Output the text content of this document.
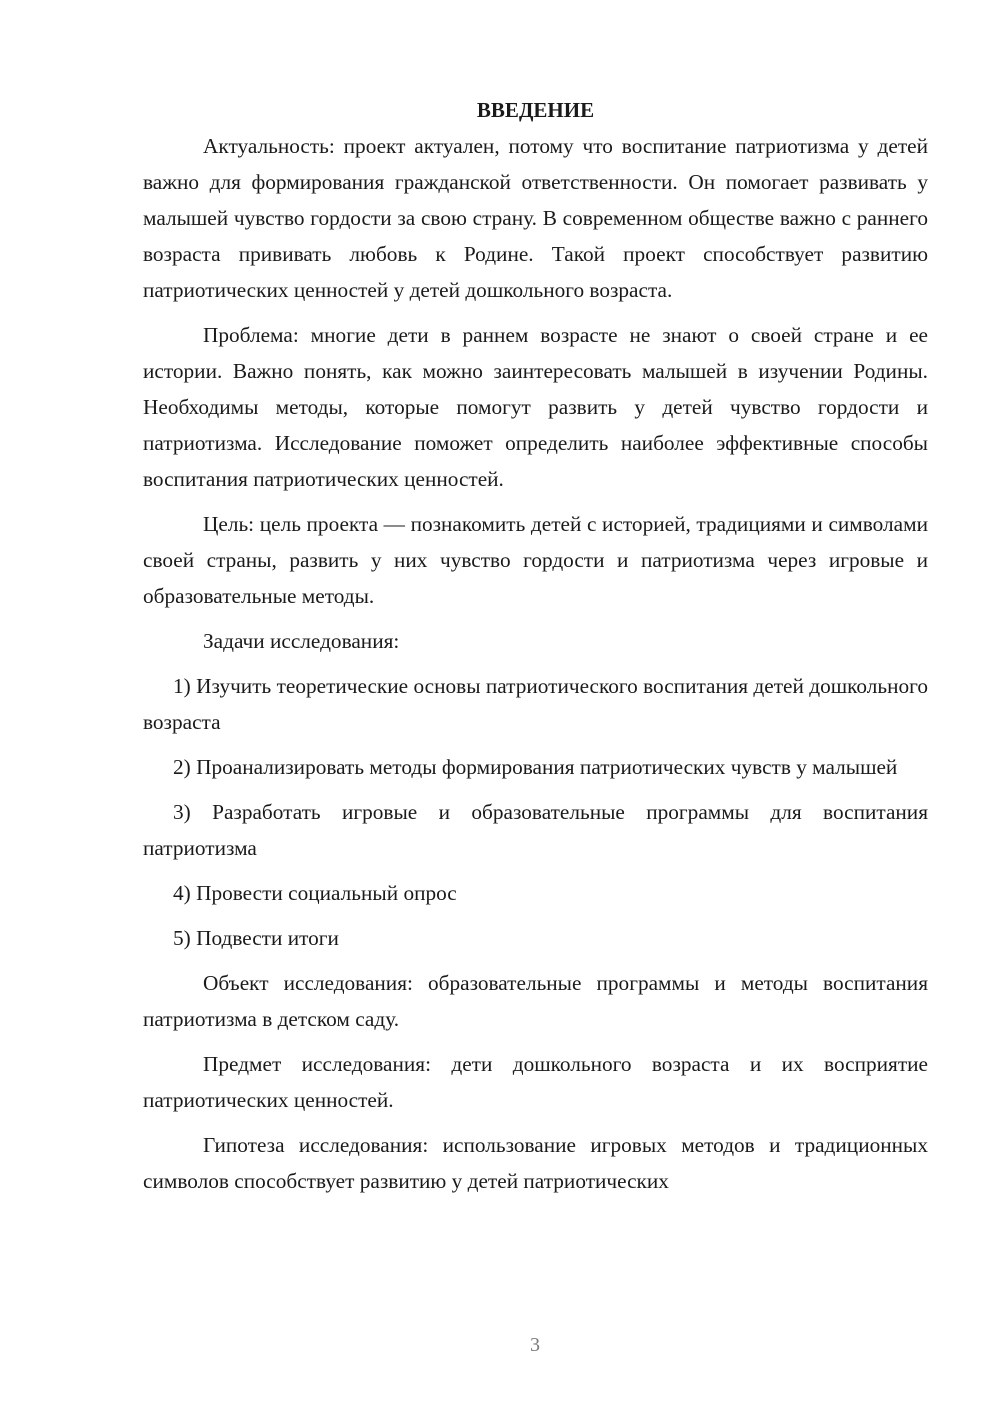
ВВЕДЕНИЕ

Актуальность: проект актуален, потому что воспитание патриотизма у детей важно для формирования гражданской ответственности. Он помогает развивать у малышей чувство гордости за свою страну. В современном обществе важно с раннего возраста прививать любовь к Родине. Такой проект способствует развитию патриотических ценностей у детей дошкольного возраста.

Проблема: многие дети в раннем возрасте не знают о своей стране и ее истории. Важно понять, как можно заинтересовать малышей в изучении Родины. Необходимы методы, которые помогут развить у детей чувство гордости и патриотизма. Исследование поможет определить наиболее эффективные способы воспитания патриотических ценностей.

Цель: цель проекта — познакомить детей с историей, традициями и символами своей страны, развить у них чувство гордости и патриотизма через игровые и образовательные методы.

Задачи исследования:

1) Изучить теоретические основы патриотического воспитания детей дошкольного возраста

2) Проанализировать методы формирования патриотических чувств у малышей

3) Разработать игровые и образовательные программы для воспитания патриотизма

4) Провести социальный опрос

5) Подвести итоги

Объект исследования: образовательные программы и методы воспитания патриотизма в детском саду.

Предмет исследования: дети дошкольного возраста и их восприятие патриотических ценностей.

Гипотеза исследования: использование игровых методов и традиционных символов способствует развитию у детей патриотических

3
